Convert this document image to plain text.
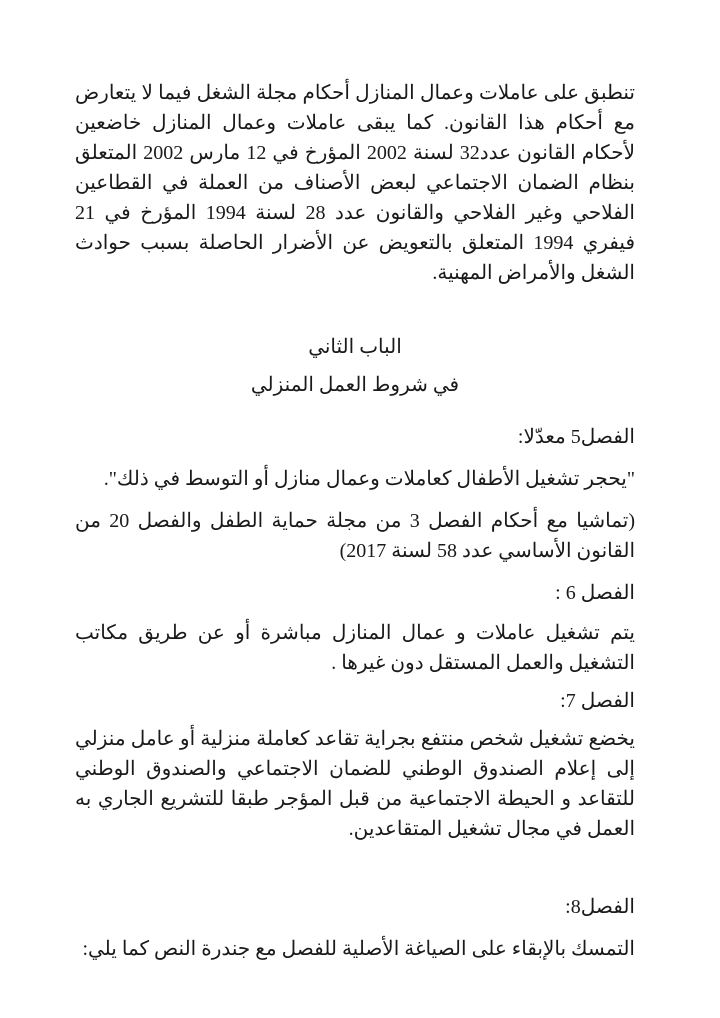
تنطبق على عاملات وعمال المنازل أحكام مجلة الشغل فيما لا يتعارض مع أحكام هذا القانون. كما يبقى عاملات وعمال المنازل خاضعين لأحكام القانون عدد32 لسنة 2002 المؤرخ في 12 مارس 2002 المتعلق بنظام الضمان الاجتماعي لبعض الأصناف من العملة في القطاعين الفلاحي وغير الفلاحي والقانون عدد 28 لسنة 1994 المؤرخ في 21 فيفري 1994 المتعلق بالتعويض عن الأضرار الحاصلة بسبب حوادث الشغل والأمراض المهنية.

الباب الثاني

في شروط العمل المنزلي

الفصل5 معدّلا:

"يحجر تشغيل الأطفال كعاملات وعمال منازل أو التوسط في ذلك".

(تماشيا مع أحكام الفصل 3 من مجلة حماية الطفل والفصل 20 من القانون الأساسي عدد 58 لسنة 2017)

الفصل 6 :

يتم تشغيل عاملات و عمال المنازل مباشرة أو عن طريق مكاتب التشغيل والعمل المستقل دون غيرها .

الفصل 7:

يخضع تشغيل شخص منتفع بجراية تقاعد كعاملة منزلية أو عامل منزلي إلى إعلام الصندوق الوطني للضمان الاجتماعي والصندوق الوطني للتقاعد و الحيطة الاجتماعية من قبل المؤجر طبقا للتشريع الجاري به العمل في مجال تشغيل المتقاعدين.

الفصل8:

التمسك بالإبقاء على الصياغة الأصلية للفصل مع جندرة النص كما يلي:
